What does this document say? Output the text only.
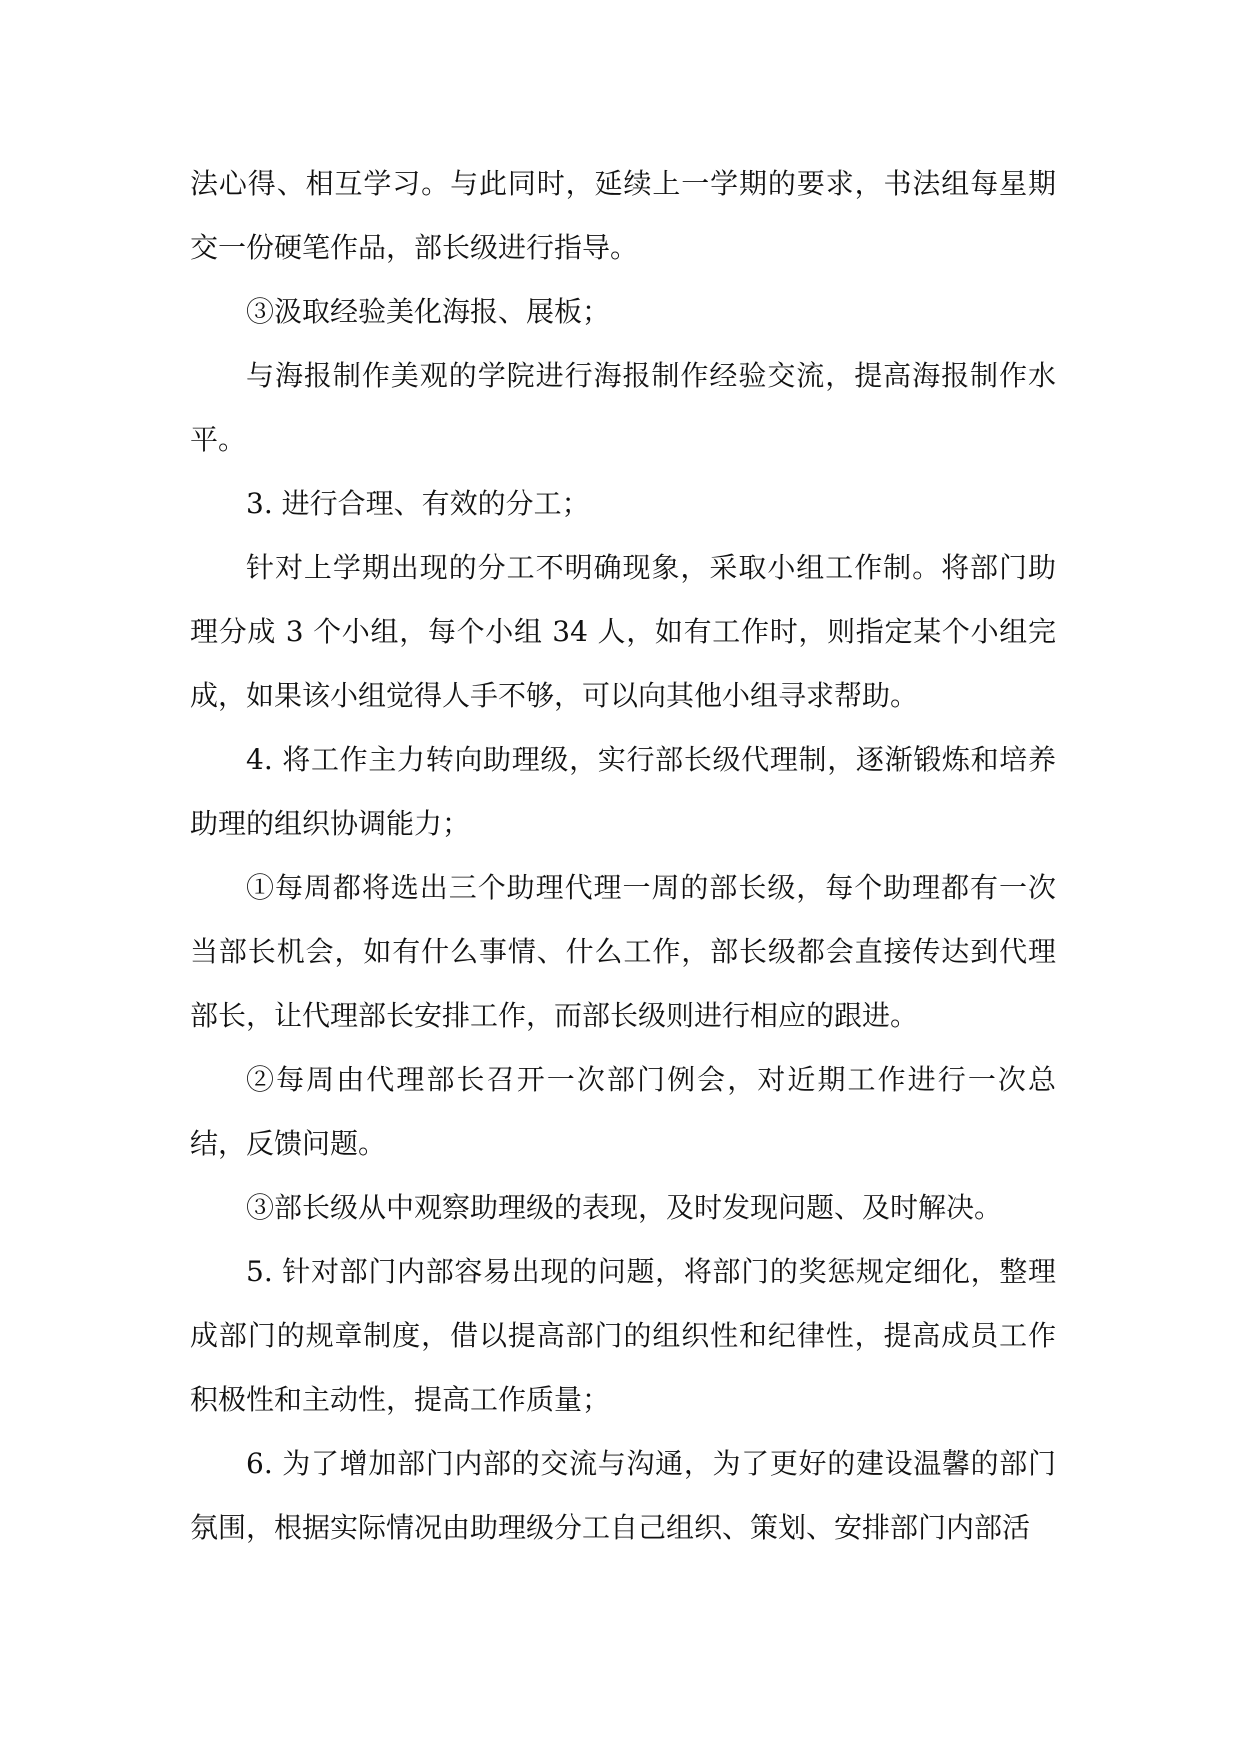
法心得、相互学习。与此同时，延续上一学期的要求，书法组每星期交一份硬笔作品，部长级进行指导。

③汲取经验美化海报、展板；

与海报制作美观的学院进行海报制作经验交流，提高海报制作水平。

3. 进行合理、有效的分工；

针对上学期出现的分工不明确现象，采取小组工作制。将部门助理分成 3 个小组，每个小组 34 人，如有工作时，则指定某个小组完成，如果该小组觉得人手不够，可以向其他小组寻求帮助。

4. 将工作主力转向助理级，实行部长级代理制，逐渐锻炼和培养助理的组织协调能力；

①每周都将选出三个助理代理一周的部长级，每个助理都有一次当部长机会，如有什么事情、什么工作，部长级都会直接传达到代理部长，让代理部长安排工作，而部长级则进行相应的跟进。

②每周由代理部长召开一次部门例会，对近期工作进行一次总结，反馈问题。

③部长级从中观察助理级的表现，及时发现问题、及时解决。

5. 针对部门内部容易出现的问题，将部门的奖惩规定细化，整理成部门的规章制度，借以提高部门的组织性和纪律性，提高成员工作积极性和主动性，提高工作质量；

6. 为了增加部门内部的交流与沟通，为了更好的建设温馨的部门氛围，根据实际情况由助理级分工自己组织、策划、安排部门内部活
